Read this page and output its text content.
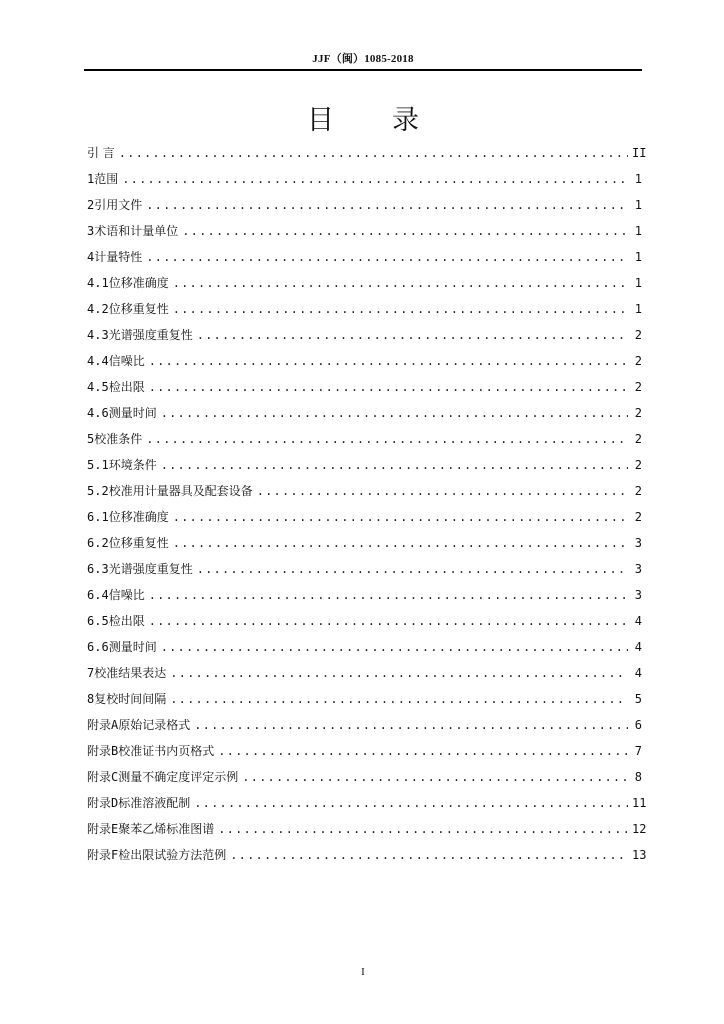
JJF（闽）1085-2018
目录
引 言 .....	II
1 范围 .....	1
2 引用文件 .....	1
3 术语和计量单位 .....	1
4 计量特性 .....	1
4.1 位移准确度 .....	1
4.2 位移重复性 .....	1
4.3 光谱强度重复性 .....	2
4.4 信噪比 .....	2
4.5 检出限 .....	2
4.6 测量时间 .....	2
5 校准条件 .....	2
5.1 环境条件 .....	2
5.2 校准用计量器具及配套设备 .....	2
6.1 位移准确度 .....	2
6.2 位移重复性 .....	3
6.3 光谱强度重复性 .....	3
6.4 信噪比 .....	3
6.5 检出限 .....	4
6.6 测量时间 .....	4
7 校准结果表达 .....	4
8 复校时间间隔 .....	5
附录A 原始记录格式 .....	6
附录B 校准证书内页格式 .....	7
附录C 测量不确定度评定示例 .....	8
附录D 标准溶液配制 .....	11
附录E 聚苯乙烯标准图谱 .....	12
附录F 检出限试验方法范例 .....	13
I
